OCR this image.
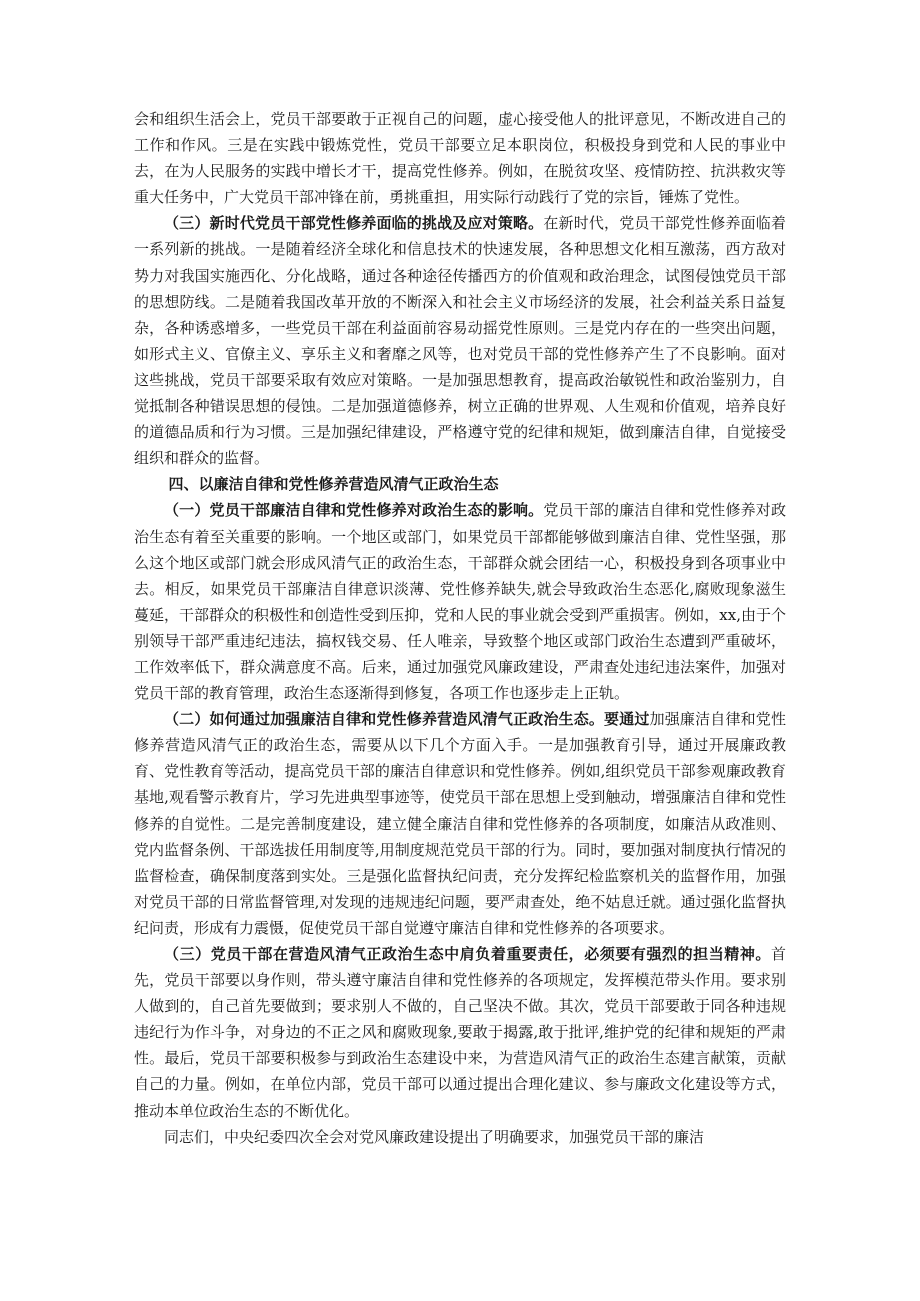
会和组织生活会上，党员干部要敢于正视自己的问题，虚心接受他人的批评意见，不断改进自己的工作和作风。三是在实践中锻炼党性，党员干部要立足本职岗位，积极投身到党和人民的事业中去，在为人民服务的实践中增长才干，提高党性修养。例如，在脱贫攻坚、疫情防控、抗洪救灾等重大任务中，广大党员干部冲锋在前，勇挑重担，用实际行动践行了党的宗旨，锤炼了党性。

（三）新时代党员干部党性修养面临的挑战及应对策略。在新时代，党员干部党性修养面临着一系列新的挑战。一是随着经济全球化和信息技术的快速发展，各种思想文化相互激荡，西方敌对势力对我国实施西化、分化战略，通过各种途径传播西方的价值观和政治理念，试图侵蚀党员干部的思想防线。二是随着我国改革开放的不断深入和社会主义市场经济的发展，社会利益关系日益复杂，各种诱惑增多，一些党员干部在利益面前容易动摇党性原则。三是党内存在的一些突出问题，如形式主义、官僚主义、享乐主义和奢靡之风等，也对党员干部的党性修养产生了不良影响。面对这些挑战，党员干部要采取有效应对策略。一是加强思想教育，提高政治敏锐性和政治鉴别力，自觉抵制各种错误思想的侵蚀。二是加强道德修养，树立正确的世界观、人生观和价值观，培养良好的道德品质和行为习惯。三是加强纪律建设，严格遵守党的纪律和规矩，做到廉洁自律，自觉接受组织和群众的监督。

四、以廉洁自律和党性修养营造风清气正政治生态

（一）党员干部廉洁自律和党性修养对政治生态的影响。党员干部的廉洁自律和党性修养对政治生态有着至关重要的影响。一个地区或部门，如果党员干部都能够做到廉洁自律、党性坚强，那么这个地区或部门就会形成风清气正的政治生态，干部群众就会团结一心，积极投身到各项事业中去。相反，如果党员干部廉洁自律意识淡薄、党性修养缺失,就会导致政治生态恶化,腐败现象滋生蔓延，干部群众的积极性和创造性受到压抑，党和人民的事业就会受到严重损害。例如，xx,由于个别领导干部严重违纪违法，搞权钱交易、任人唯亲，导致整个地区或部门政治生态遭到严重破坏，工作效率低下，群众满意度不高。后来，通过加强党风廉政建设，严肃查处违纪违法案件，加强对党员干部的教育管理，政治生态逐渐得到修复，各项工作也逐步走上正轨。

（二）如何通过加强廉洁自律和党性修养营造风清气正政治生态。要通过加强廉洁自律和党性修养营造风清气正的政治生态，需要从以下几个方面入手。一是加强教育引导，通过开展廉政教育、党性教育等活动，提高党员干部的廉洁自律意识和党性修养。例如,组织党员干部参观廉政教育基地,观看警示教育片，学习先进典型事迹等，使党员干部在思想上受到触动，增强廉洁自律和党性修养的自觉性。二是完善制度建设，建立健全廉洁自律和党性修养的各项制度，如廉洁从政准则、党内监督条例、干部选拔任用制度等,用制度规范党员干部的行为。同时，要加强对制度执行情况的监督检查，确保制度落到实处。三是强化监督执纪问责，充分发挥纪检监察机关的监督作用，加强对党员干部的日常监督管理,对发现的违规违纪问题，要严肃查处，绝不姑息迁就。通过强化监督执纪问责，形成有力震慑，促使党员干部自觉遵守廉洁自律和党性修养的各项要求。

（三）党员干部在营造风清气正政治生态中肩负着重要责任，必须要有强烈的担当精神。首先，党员干部要以身作则，带头遵守廉洁自律和党性修养的各项规定，发挥模范带头作用。要求别人做到的，自己首先要做到；要求别人不做的，自己坚决不做。其次，党员干部要敢于同各种违规违纪行为作斗争，对身边的不正之风和腐败现象,要敢于揭露,敢于批评,维护党的纪律和规矩的严肃性。最后，党员干部要积极参与到政治生态建设中来，为营造风清气正的政治生态建言献策，贡献自己的力量。例如，在单位内部，党员干部可以通过提出合理化建议、参与廉政文化建设等方式，推动本单位政治生态的不断优化。

同志们，中央纪委四次全会对党风廉政建设提出了明确要求，加强党员干部的廉洁
